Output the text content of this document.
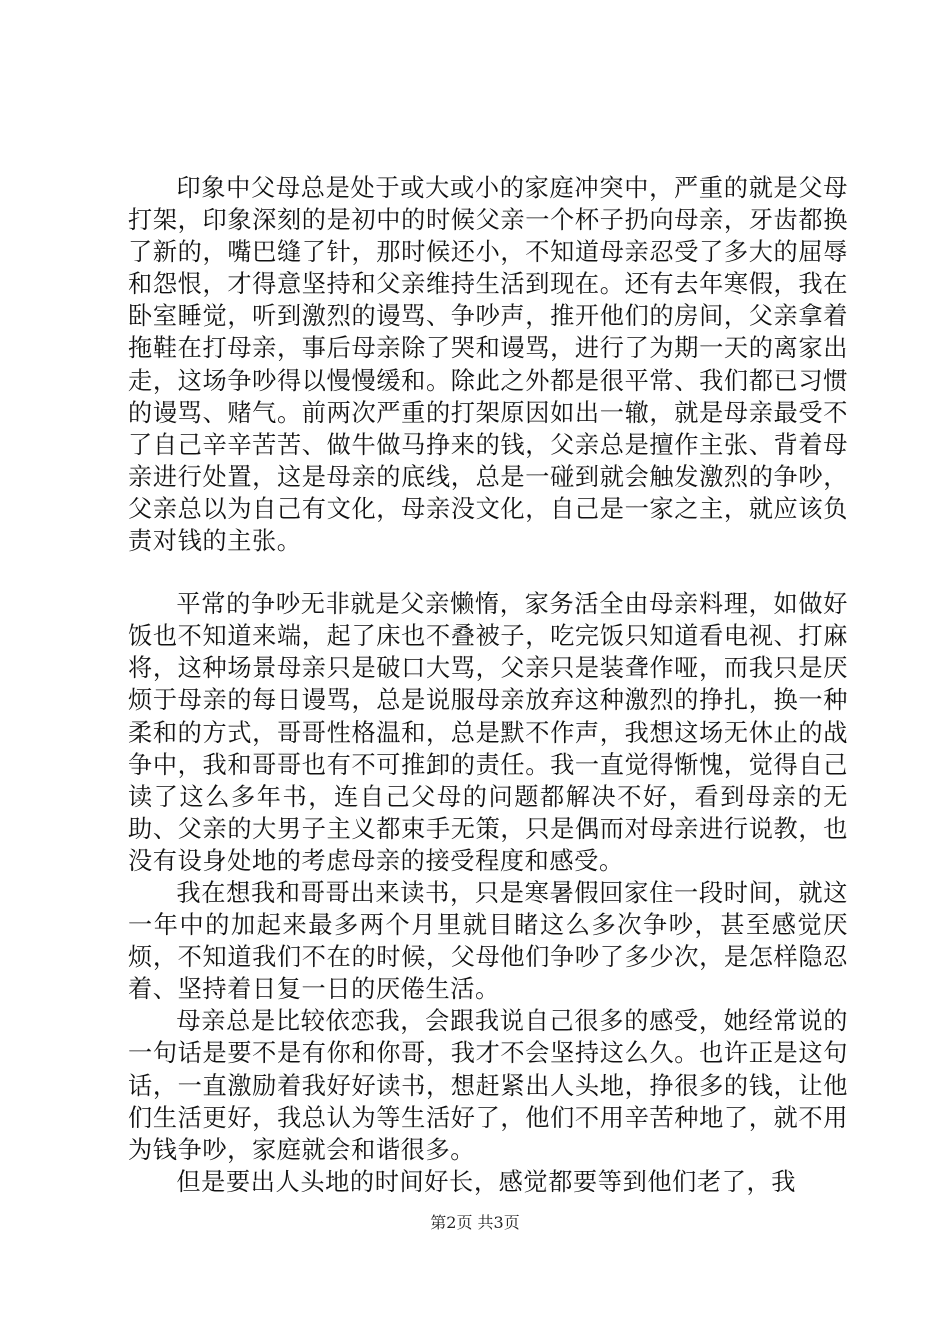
印象中父母总是处于或大或小的家庭冲突中，严重的就是父母打架，印象深刻的是初中的时候父亲一个杯子扔向母亲，牙齿都换了新的，嘴巴缝了针，那时候还小，不知道母亲忍受了多大的屈辱和怨恨，才得意坚持和父亲维持生活到现在。还有去年寒假，我在卧室睡觉，听到激烈的谩骂、争吵声，推开他们的房间，父亲拿着拖鞋在打母亲，事后母亲除了哭和谩骂，进行了为期一天的离家出走，这场争吵得以慢慢缓和。除此之外都是很平常、我们都已习惯的谩骂、赌气。前两次严重的打架原因如出一辙，就是母亲最受不了自己辛辛苦苦、做牛做马挣来的钱，父亲总是擅作主张、背着母亲进行处置，这是母亲的底线，总是一碰到就会触发激烈的争吵，父亲总以为自己有文化，母亲没文化，自己是一家之主，就应该负责对钱的主张。

平常的争吵无非就是父亲懒惰，家务活全由母亲料理，如做好饭也不知道来端，起了床也不叠被子，吃完饭只知道看电视、打麻将，这种场景母亲只是破口大骂，父亲只是装聋作哑，而我只是厌烦于母亲的每日谩骂，总是说服母亲放弃这种激烈的挣扎，换一种柔和的方式，哥哥性格温和，总是默不作声，我想这场无休止的战争中，我和哥哥也有不可推卸的责任。我一直觉得惭愧，觉得自己读了这么多年书，连自己父母的问题都解决不好，看到母亲的无助、父亲的大男子主义都束手无策，只是偶而对母亲进行说教，也没有设身处地的考虑母亲的接受程度和感受。

我在想我和哥哥出来读书，只是寒暑假回家住一段时间，就这一年中的加起来最多两个月里就目睹这么多次争吵，甚至感觉厌烦，不知道我们不在的时候，父母他们争吵了多少次，是怎样隐忍着、坚持着日复一日的厌倦生活。

母亲总是比较依恋我，会跟我说自己很多的感受，她经常说的一句话是要不是有你和你哥，我才不会坚持这么久。也许正是这句话，一直激励着我好好读书，想赶紧出人头地，挣很多的钱，让他们生活更好，我总认为等生活好了，他们不用辛苦种地了，就不用为钱争吵，家庭就会和谐很多。

但是要出人头地的时间好长，感觉都要等到他们老了，我

第2页 共3页
